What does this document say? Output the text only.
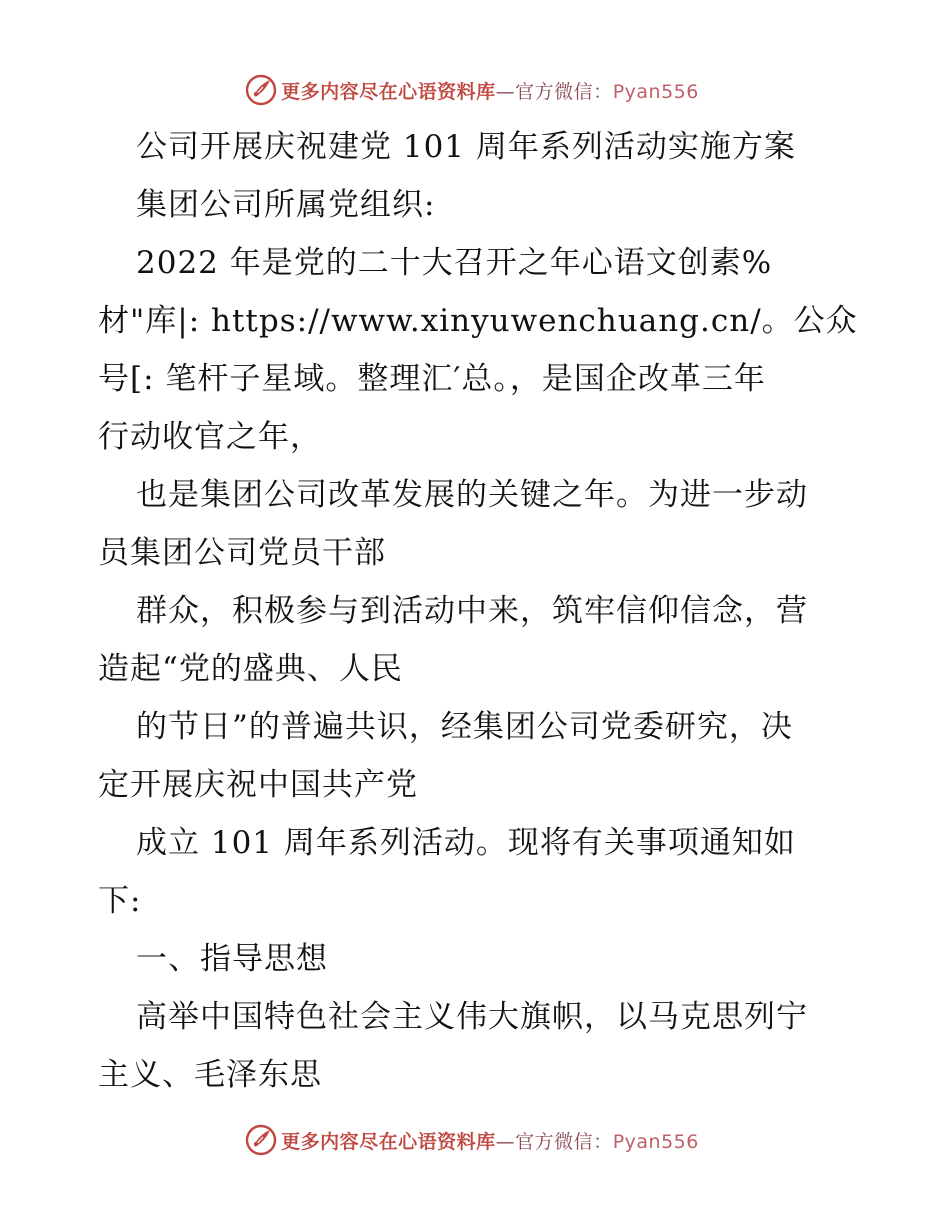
更多内容尽在心语资料库—官方微信：Pyan556
公司开展庆祝建党 101 周年系列活动实施方案
集团公司所属党组织:
2022 年是党的二十大召开之年心语文创素%
材"库|: https://www.xinyuwenchuang.cn/。公众
号[: 笔杆子星域。整理汇′总。，是国企改革三年
行动收官之年，
也是集团公司改革发展的关键之年。为进一步动
员集团公司党员干部
群众，积极参与到活动中来，筑牢信仰信念，营
造起“党的盛典、人民
的节日”的普遍共识，经集团公司党委研究，决
定开展庆祝中国共产党
成立 101 周年系列活动。现将有关事项通知如
下:
一、指导思想
高举中国特色社会主义伟大旗帜，以马克思列宁
主义、毛泽东思
更多内容尽在心语资料库—官方微信：Pyan556
